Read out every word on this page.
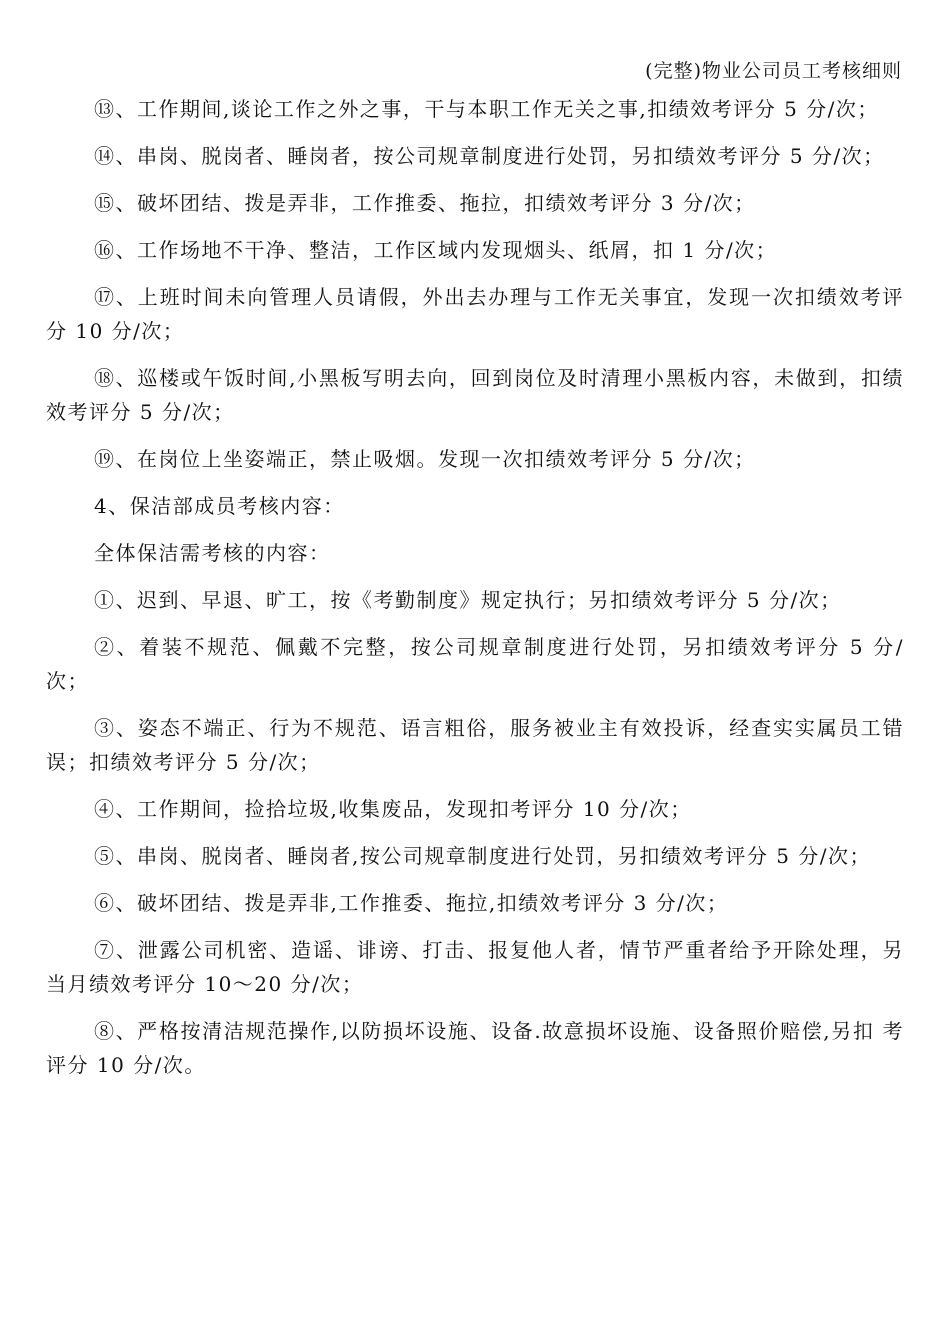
(完整)物业公司员工考核细则

⑬、工作期间,谈论工作之外之事，干与本职工作无关之事,扣绩效考评分 5 分/次；

⑭、串岗、脱岗者、睡岗者，按公司规章制度进行处罚，另扣绩效考评分 5 分/次；

⑮、破坏团结、拨是弄非，工作推委、拖拉，扣绩效考评分 3 分/次；

⑯、工作场地不干净、整洁，工作区域内发现烟头、纸屑，扣 1 分/次；

⑰、上班时间未向管理人员请假，外出去办理与工作无关事宜，发现一次扣绩效考评分 10 分/次；

⑱、巡楼或午饭时间,小黑板写明去向，回到岗位及时清理小黑板内容，未做到，扣绩效考评分 5 分/次；

⑲、在岗位上坐姿端正，禁止吸烟。发现一次扣绩效考评分 5 分/次；

4、保洁部成员考核内容：

全体保洁需考核的内容：

①、迟到、早退、旷工，按《考勤制度》规定执行；另扣绩效考评分 5 分/次；

②、着装不规范、佩戴不完整，按公司规章制度进行处罚，另扣绩效考评分 5 分/次；

③、姿态不端正、行为不规范、语言粗俗，服务被业主有效投诉，经查实实属员工错误；扣绩效考评分 5 分/次；

④、工作期间，捡拾垃圾,收集废品，发现扣考评分 10 分/次；

⑤、串岗、脱岗者、睡岗者,按公司规章制度进行处罚，另扣绩效考评分 5 分/次；

⑥、破坏团结、拨是弄非,工作推委、拖拉,扣绩效考评分 3 分/次；

⑦、泄露公司机密、造谣、诽谤、打击、报复他人者，情节严重者给予开除处理，另当月绩效考评分 10～20 分/次；

⑧、严格按清洁规范操作,以防损坏设施、设备.故意损坏设施、设备照价赔偿,另扣 考评分 10 分/次。
